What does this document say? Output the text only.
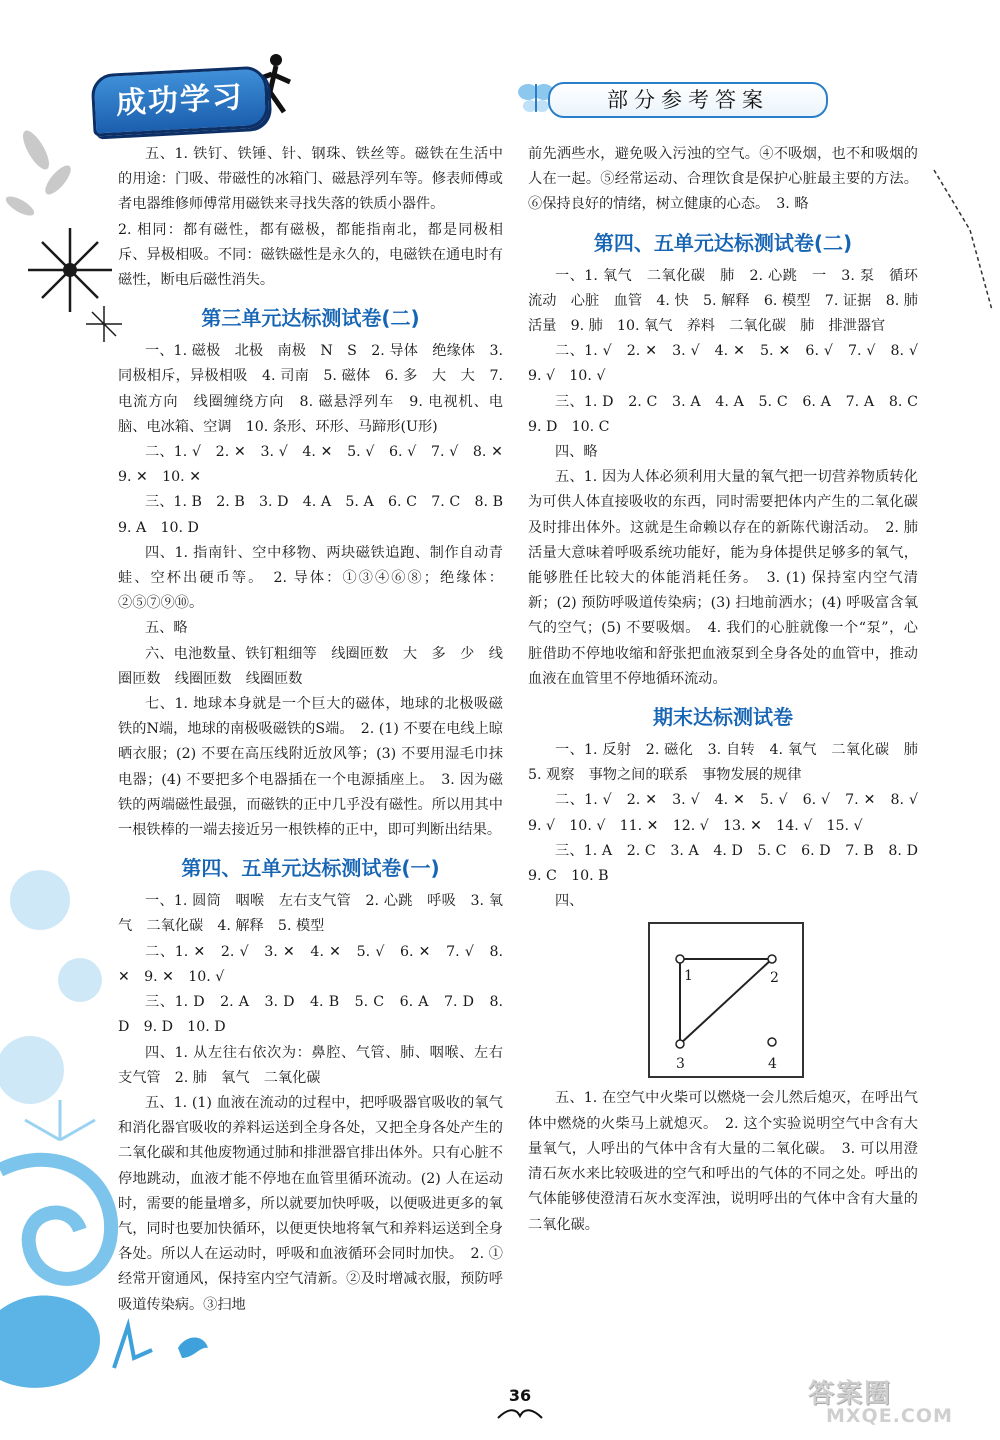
成功学习	部分参考答案

五、1. 铁钉、铁锤、针、钢珠、铁丝等。磁铁在生活中的用途：门吸、带磁性的冰箱门、磁悬浮列车等。修表师傅或者电器维修师傅常用磁铁来寻找失落的铁质小器件。

2. 相同：都有磁性，都有磁极，都能指南北，都是同极相斥、异极相吸。不同：磁铁磁性是永久的，电磁铁在通电时有磁性，断电后磁性消失。

第三单元达标测试卷(二)

一、1. 磁极　北极　南极　N　S　2. 导体　绝缘体　3. 同极相斥，异极相吸　4. 司南　5. 磁体　6. 多　大　大　7. 电流方向　线圈缠绕方向　8. 磁悬浮列车　9. 电视机、电脑、电冰箱、空调　10. 条形、环形、马蹄形(U形)

二、1. √　2. ✕　3. √　4. ✕　5. √　6. √　7. √　8. ✕　9. ✕　10. ✕

三、1. B　2. B　3. D　4. A　5. A　6. C　7. C　8. B　9. A　10. D

四、1. 指南针、空中移物、两块磁铁追跑、制作自动青蛙、空杯出硬币等。　2. 导体：①③④⑥⑧；绝缘体：②⑤⑦⑨⑩。

五、略

六、电池数量、铁钉粗细等　线圈匝数　大　多　少　线圈匝数　线圈匝数　线圈匝数

七、1. 地球本身就是一个巨大的磁体，地球的北极吸磁铁的N端，地球的南极吸磁铁的S端。　2. (1) 不要在电线上晾晒衣服；(2) 不要在高压线附近放风筝；(3) 不要用湿毛巾抹电器；(4) 不要把多个电器插在一个电源插座上。　3. 因为磁铁的两端磁性最强，而磁铁的正中几乎没有磁性。所以用其中一根铁棒的一端去接近另一根铁棒的正中，即可判断出结果。

第四、五单元达标测试卷(一)

一、1. 圆筒　咽喉　左右支气管　2. 心跳　呼吸　3. 氧气　二氧化碳　4. 解释　5. 模型

二、1. ✕　2. √　3. ✕　4. ✕　5. √　6. ✕　7. √　8. ✕　9. ✕　10. √

三、1. D　2. A　3. D　4. B　5. C　6. A　7. D　8. D　9. D　10. D

四、1. 从左往右依次为：鼻腔、气管、肺、咽喉、左右支气管　2. 肺　氧气　二氧化碳

五、1. (1) 血液在流动的过程中，把呼吸器官吸收的氧气和消化器官吸收的养料运送到全身各处，又把全身各处产生的二氧化碳和其他废物通过肺和排泄器官排出体外。只有心脏不停地跳动，血液才能不停地在血管里循环流动。(2) 人在运动时，需要的能量增多，所以就要加快呼吸，以便吸进更多的氧气，同时也要加快循环，以便更快地将氧气和养料运送到全身各处。所以人在运动时，呼吸和血液循环会同时加快。　2. ①经常开窗通风，保持室内空气清新。②及时增减衣服，预防呼吸道传染病。③扫地

前先洒些水，避免吸入污浊的空气。④不吸烟，也不和吸烟的人在一起。⑤经常运动、合理饮食是保护心脏最主要的方法。⑥保持良好的情绪，树立健康的心态。　3. 略

第四、五单元达标测试卷(二)

一、1. 氧气　二氧化碳　肺　2. 心跳　一　3. 泵　循环流动　心脏　血管　4. 快　5. 解释　6. 模型　7. 证据　8. 肺活量　9. 肺　10. 氧气　养料　二氧化碳　肺　排泄器官

二、1. √　2. ✕　3. √　4. ✕　5. ✕　6. √　7. √　8. √　9. √　10. √

三、1. D　2. C　3. A　4. A　5. C　6. A　7. A　8. C　9. D　10. C

四、略

五、1. 因为人体必须利用大量的氧气把一切营养物质转化为可供人体直接吸收的东西，同时需要把体内产生的二氧化碳及时排出体外。这就是生命赖以存在的新陈代谢活动。　2. 肺活量大意味着呼吸系统功能好，能为身体提供足够多的氧气，能够胜任比较大的体能消耗任务。　3. (1) 保持室内空气清新；(2) 预防呼吸道传染病；(3) 扫地前洒水；(4) 呼吸富含氧气的空气；(5) 不要吸烟。　4. 我们的心脏就像一个“泵”，心脏借助不停地收缩和舒张把血液泵到全身各处的血管中，推动血液在血管里不停地循环流动。

期末达标测试卷

一、1. 反射　2. 磁化　3. 自转　4. 氧气　二氧化碳　肺　5. 观察　事物之间的联系　事物发展的规律

二、1. √　2. ✕　3. √　4. ✕　5. √　6. √　7. ✕　8. √　9. √　10. √　11. ✕　12. √　13. ✕　14. √　15. √

三、1. A　2. C　3. A　4. D　5. C　6. D　7. B　8. D　9. C　10. B

四、

1	2
3	4

五、1. 在空气中火柴可以燃烧一会儿然后熄灭，在呼出气体中燃烧的火柴马上就熄灭。　2. 这个实验说明空气中含有大量氧气，人呼出的气体中含有大量的二氧化碳。　3. 可以用澄清石灰水来比较吸进的空气和呼出的气体的不同之处。呼出的气体能够使澄清石灰水变浑浊，说明呼出的气体中含有大量的二氧化碳。

36	答案圈
MXQE.COM
